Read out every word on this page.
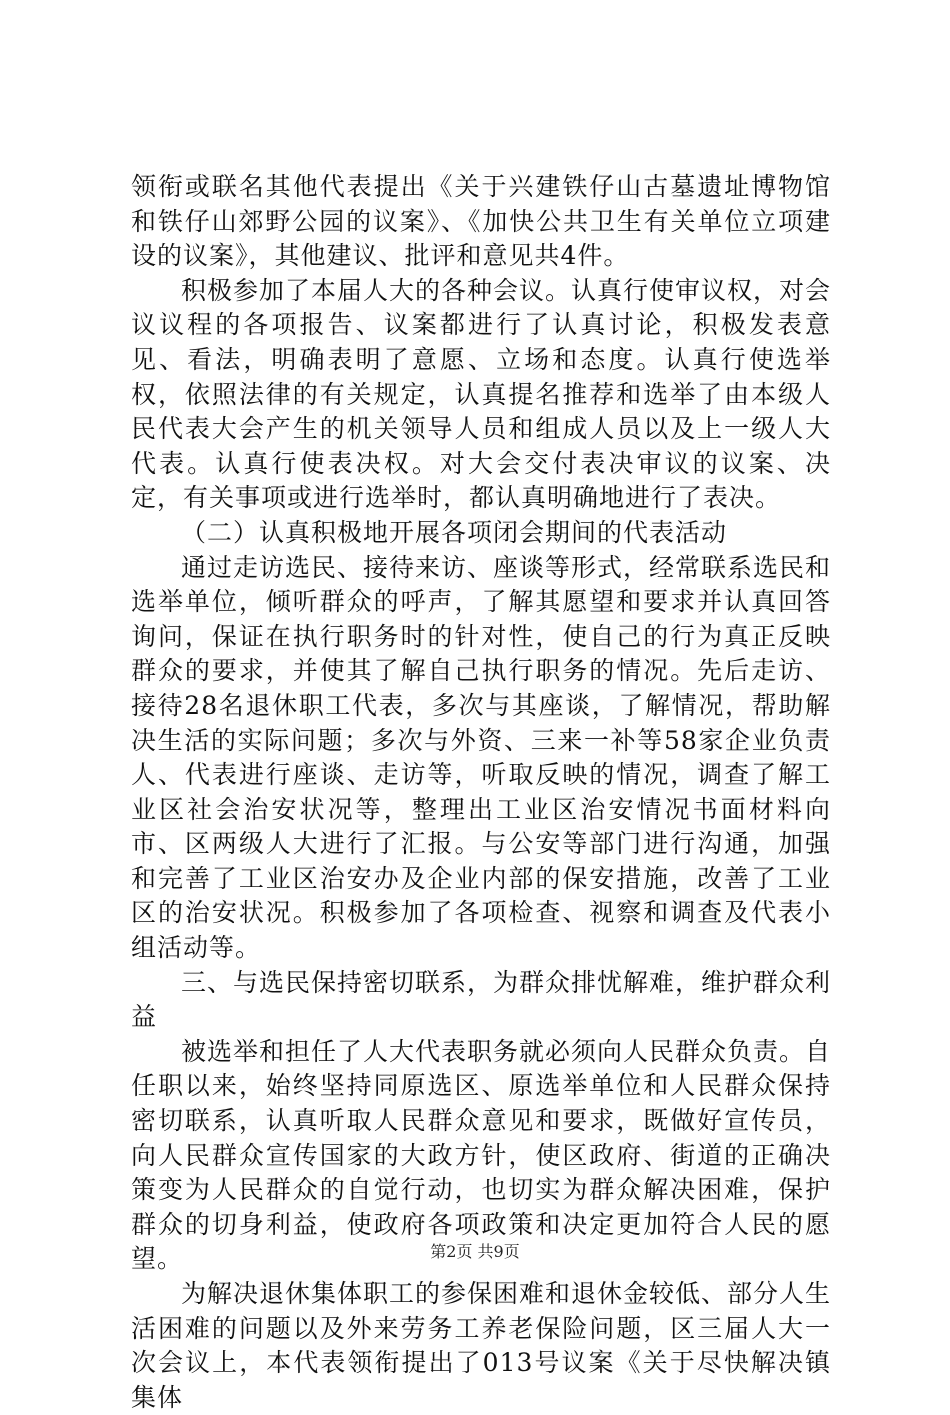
领衔或联名其他代表提出《关于兴建铁仔山古墓遗址博物馆和铁仔山郊野公园的议案》、《加快公共卫生有关单位立项建设的议案》，其他建议、批评和意见共4件。

积极参加了本届人大的各种会议。认真行使审议权，对会议议程的各项报告、议案都进行了认真讨论，积极发表意见、看法，明确表明了意愿、立场和态度。认真行使选举权，依照法律的有关规定，认真提名推荐和选举了由本级人民代表大会产生的机关领导人员和组成人员以及上一级人大代表。认真行使表决权。对大会交付表决审议的议案、决定，有关事项或进行选举时，都认真明确地进行了表决。

（二）认真积极地开展各项闭会期间的代表活动

通过走访选民、接待来访、座谈等形式，经常联系选民和选举单位，倾听群众的呼声，了解其愿望和要求并认真回答询问，保证在执行职务时的针对性，使自己的行为真正反映群众的要求，并使其了解自己执行职务的情况。先后走访、接待28名退休职工代表，多次与其座谈，了解情况，帮助解决生活的实际问题；多次与外资、三来一补等58家企业负责人、代表进行座谈、走访等，听取反映的情况，调查了解工业区社会治安状况等，整理出工业区治安情况书面材料向市、区两级人大进行了汇报。与公安等部门进行沟通，加强和完善了工业区治安办及企业内部的保安措施，改善了工业区的治安状况。积极参加了各项检查、视察和调查及代表小组活动等。

三、与选民保持密切联系，为群众排忧解难，维护群众利益

被选举和担任了人大代表职务就必须向人民群众负责。自任职以来，始终坚持同原选区、原选举单位和人民群众保持密切联系，认真听取人民群众意见和要求，既做好宣传员，向人民群众宣传国家的大政方针，使区政府、街道的正确决策变为人民群众的自觉行动，也切实为群众解决困难，保护群众的切身利益，使政府各项政策和决定更加符合人民的愿望。

为解决退休集体职工的参保困难和退休金较低、部分人生活困难的问题以及外来劳务工养老保险问题，区三届人大一次会议上，本代表领衔提出了013号议案《关于尽快解决镇集体

第2页 共9页
